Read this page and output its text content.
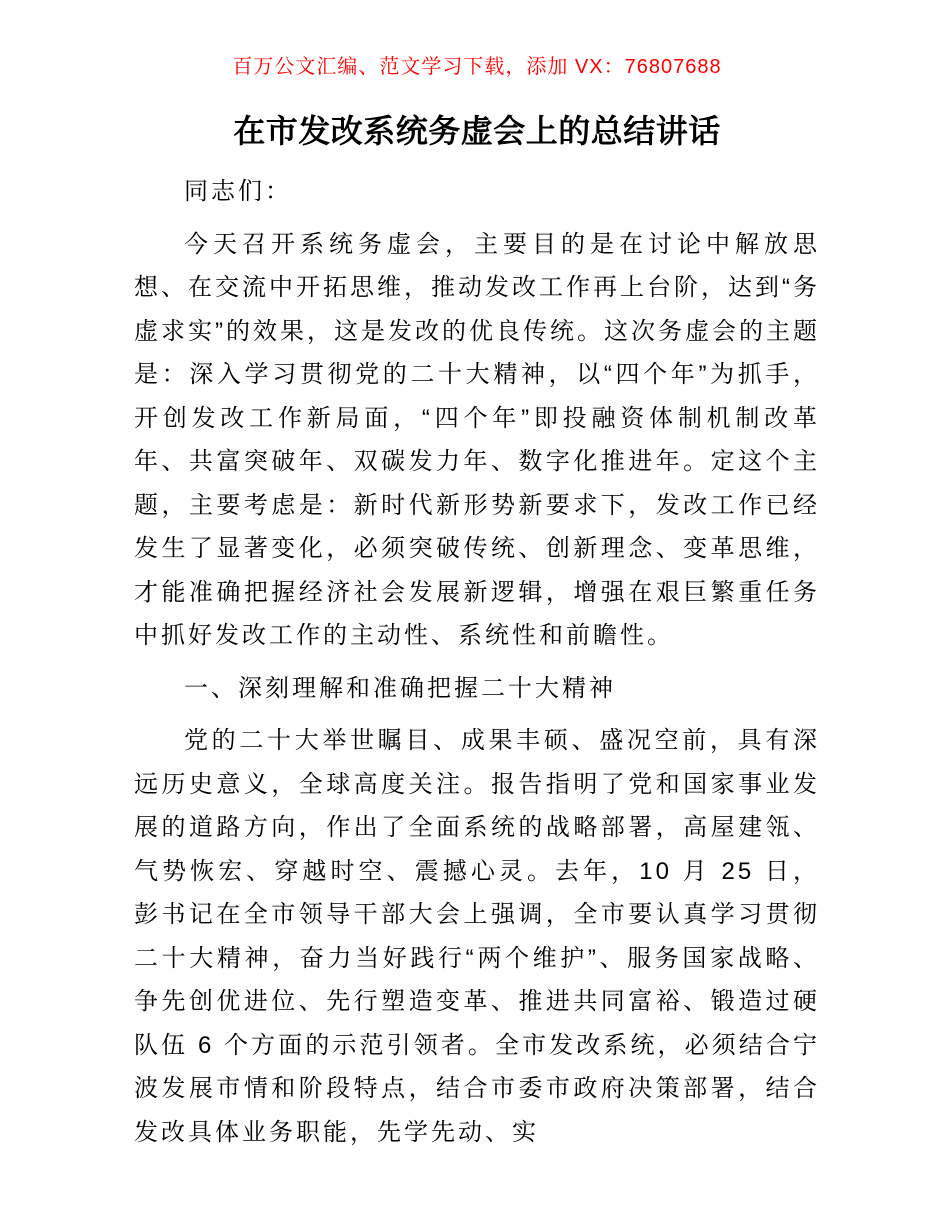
百万公文汇编、范文学习下载，添加 VX：76807688
在市发改系统务虚会上的总结讲话

同志们：

今天召开系统务虚会，主要目的是在讨论中解放思想、在交流中开拓思维，推动发改工作再上台阶，达到“务虚求实”的效果，这是发改的优良传统。这次务虚会的主题是：深入学习贯彻党的二十大精神，以“四个年”为抓手，开创发改工作新局面，“四个年”即投融资体制机制改革年、共富突破年、双碳发力年、数字化推进年。定这个主题，主要考虑是：新时代新形势新要求下，发改工作已经发生了显著变化，必须突破传统、创新理念、变革思维，才能准确把握经济社会发展新逻辑，增强在艰巨繁重任务中抓好发改工作的主动性、系统性和前瞻性。

一、深刻理解和准确把握二十大精神

党的二十大举世瞩目、成果丰硕、盛况空前，具有深远历史意义，全球高度关注。报告指明了党和国家事业发展的道路方向，作出了全面系统的战略部署，高屋建瓴、气势恢宏、穿越时空、震撼心灵。去年，10 月 25 日，彭书记在全市领导干部大会上强调，全市要认真学习贯彻二十大精神，奋力当好践行“两个维护”、服务国家战略、争先创优进位、先行塑造变革、推进共同富裕、锻造过硬队伍 6 个方面的示范引领者。全市发改系统，必须结合宁波发展市情和阶段特点，结合市委市政府决策部署，结合发改具体业务职能，先学先动、实
